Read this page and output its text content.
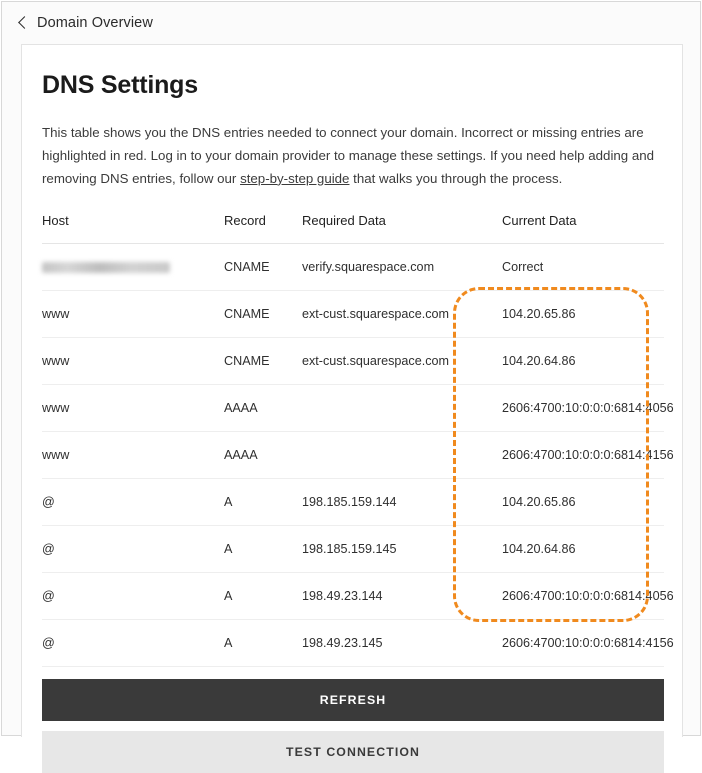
Domain Overview
DNS Settings

This table shows you the DNS entries needed to connect your domain. Incorrect or missing entries are highlighted in red. Log in to your domain provider to manage these settings. If you need help adding and removing DNS entries, follow our step-by-step guide that walks you through the process.

Host	Record	Required Data	Current Data
	CNAME	verify.squarespace.com	Correct
www	CNAME	ext-cust.squarespace.com	104.20.65.86
www	CNAME	ext-cust.squarespace.com	104.20.64.86
www	AAAA		2606:4700:10:0:0:0:6814:4056
www	AAAA		2606:4700:10:0:0:0:6814:4156
@	A	198.185.159.144	104.20.65.86
@	A	198.185.159.145	104.20.64.86
@	A	198.49.23.144	2606:4700:10:0:0:0:6814:4056
@	A	198.49.23.145	2606:4700:10:0:0:0:6814:4156
REFRESH
TEST CONNECTION
